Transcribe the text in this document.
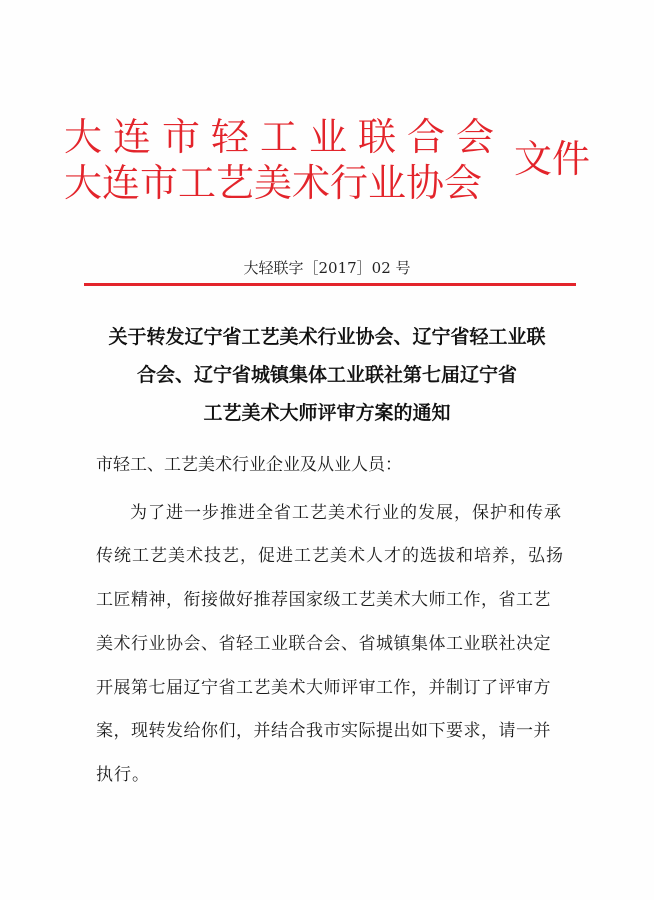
大连市轻工业联合会
大连市工艺美术行业协会
文件
大轻联字［2017］02 号
关于转发辽宁省工艺美术行业协会、辽宁省轻工业联
合会、辽宁省城镇集体工业联社第七届辽宁省
工艺美术大师评审方案的通知
市轻工、工艺美术行业企业及从业人员：
为了进一步推进全省工艺美术行业的发展，保护和传承
传统工艺美术技艺，促进工艺美术人才的选拔和培养，弘扬
工匠精神，衔接做好推荐国家级工艺美术大师工作，省工艺
美术行业协会、省轻工业联合会、省城镇集体工业联社决定
开展第七届辽宁省工艺美术大师评审工作，并制订了评审方
案，现转发给你们，并结合我市实际提出如下要求，请一并
执行。
